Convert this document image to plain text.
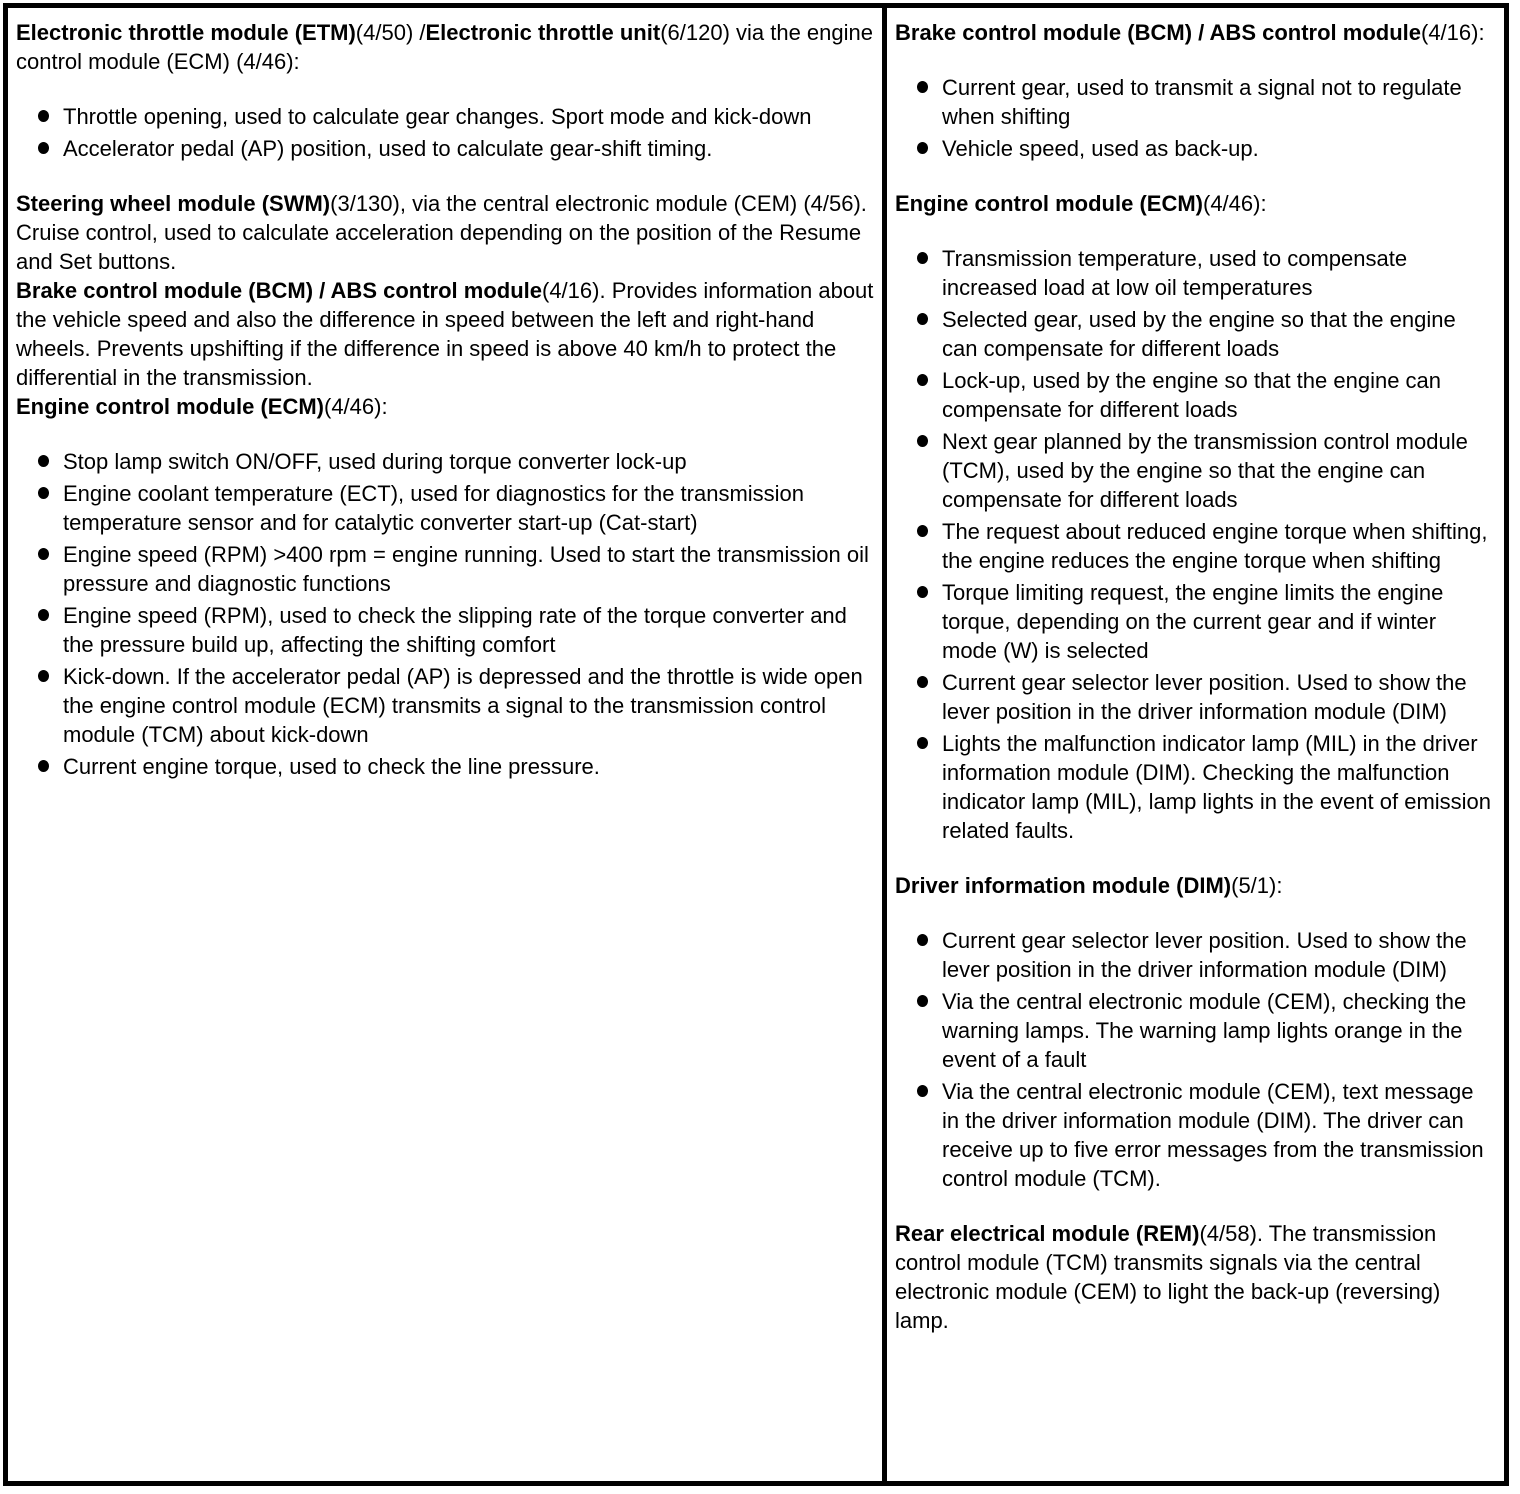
Electronic throttle module (ETM)(4/50) /Electronic throttle unit(6/120) via the engine control module (ECM) (4/46):

Throttle opening, used to calculate gear changes. Sport mode and kick-down
Accelerator pedal (AP) position, used to calculate gear-shift timing.

Steering wheel module (SWM)(3/130), via the central electronic module (CEM) (4/56). Cruise control, used to calculate acceleration depending on the position of the Resume and Set buttons.

Brake control module (BCM) / ABS control module(4/16). Provides information about the vehicle speed and also the difference in speed between the left and right-hand wheels. Prevents upshifting if the difference in speed is above 40 km/h to protect the differential in the transmission.

Engine control module (ECM)(4/46):

Stop lamp switch ON/OFF, used during torque converter lock-up
Engine coolant temperature (ECT), used for diagnostics for the transmission temperature sensor and for catalytic converter start-up (Cat-start)
Engine speed (RPM) >400 rpm = engine running. Used to start the transmission oil pressure and diagnostic functions
Engine speed (RPM), used to check the slipping rate of the torque converter and the pressure build up, affecting the shifting comfort
Kick-down. If the accelerator pedal (AP) is depressed and the throttle is wide open the engine control module (ECM) transmits a signal to the transmission control module (TCM) about kick-down
Current engine torque, used to check the line pressure.

Brake control module (BCM) / ABS control module(4/16):

Current gear, used to transmit a signal not to regulate when shifting
Vehicle speed, used as back-up.

Engine control module (ECM)(4/46):

Transmission temperature, used to compensate increased load at low oil temperatures
Selected gear, used by the engine so that the engine can compensate for different loads
Lock-up, used by the engine so that the engine can compensate for different loads
Next gear planned by the transmission control module (TCM), used by the engine so that the engine can compensate for different loads
The request about reduced engine torque when shifting, the engine reduces the engine torque when shifting
Torque limiting request, the engine limits the engine torque, depending on the current gear and if winter mode (W) is selected
Current gear selector lever position. Used to show the lever position in the driver information module (DIM)
Lights the malfunction indicator lamp (MIL) in the driver information module (DIM). Checking the malfunction indicator lamp (MIL), lamp lights in the event of emission related faults.

Driver information module (DIM)(5/1):

Current gear selector lever position. Used to show the lever position in the driver information module (DIM)
Via the central electronic module (CEM), checking the warning lamps. The warning lamp lights orange in the event of a fault
Via the central electronic module (CEM), text message in the driver information module (DIM). The driver can receive up to five error messages from the transmission control module (TCM).

Rear electrical module (REM)(4/58). The transmission control module (TCM) transmits signals via the central electronic module (CEM) to light the back-up (reversing) lamp.
